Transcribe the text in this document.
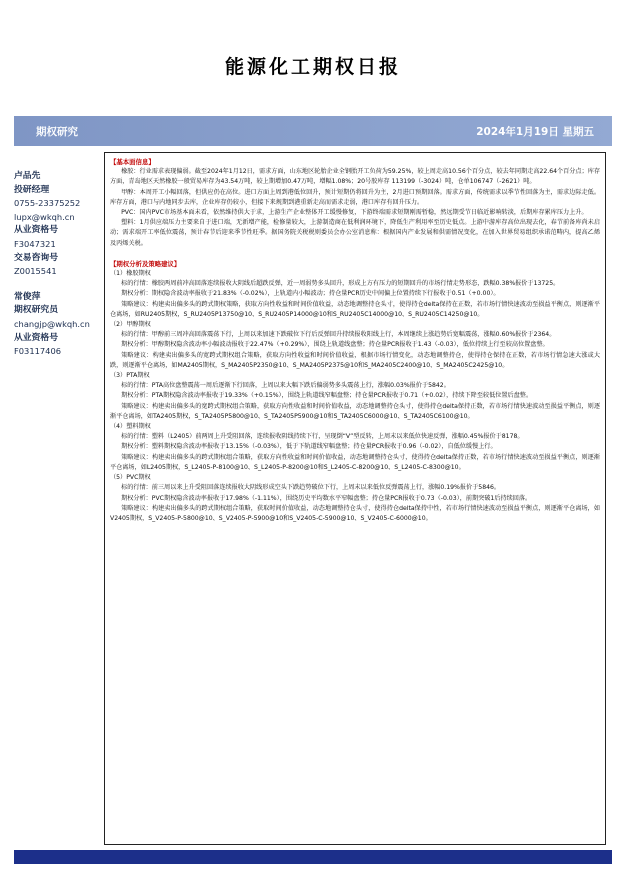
能源化工期权日报
期权研究	2024年1月19日 星期五
卢品先
投研经理
0755-23375252
lupx@wkqh.cn
从业资格号
F3047321
交易咨询号
Z0015541
常俊萍
期权研究员
changjp@wkqh.cn
从业资格号
F03117406
【基本面信息】

橡胶：行业需求表现偏弱。截至2024年1月12日，需求方面，山东地区轮胎企业全钢胎开工负荷为59.25%，较上周走高10.56个百分点，较去年同期走高22.64个百分点；库存方面，青岛地区天然橡胶一般贸易库存为43.54万吨，较上期增加0.47万吨，增幅1.08%；20号胶库存 113199（-3024）吨，仓单106747（-2621）吨。

甲醇：本周开工小幅回落，但供应仍在高位。进口方面上周到港低位回升，预计短期仍将回升为主，2月进口预期回落。需求方面，传统需求以季节性回落为主，需求边际走低。库存方面，港口与内地同步去库，企业库存仍较小，但接下来规期到港重新走高而需求走弱，港口库存有回升压力。

PVC：国内PVC市场基本面未看，依然维持供大于求，上游生产企业整体开工缓慢修复，下游终端需求短期刚需暂稳，然远期受节日临近影响转淡，后期库存累库压力上升。

塑料：1月供应端压力主要来自于进口端，无新增产能，检修量较大，上游制造商在低利润环境下，降低生产利用率至历史低点。上游中游库存高位出现去化，春节前备库尚未启动；需求端开工率低位震荡，预计春节后迎来季节性旺季。据国务院关税税则委员会办公室消息称：根据国内产业发展和供需情况变化，在加入世界贸易组织承诺范畴内，提高乙烯及丙烯关税。

【期权分析及策略建议】

（1）橡胶期权

标的行情：橡胶两周前冲高回落连续报收大阴线后超跌反弹，近一周弱势多头回升，形成上方有压力的短期回升的市场行情走势形态，跌幅0.38%报价于13725。

期权分析：期权隐含波动率报收于21.83%（-0.02%），上轨道内小幅波动；持仓量PCR历史中间偏上位置持续下行报收于0.51（+0.00）。

策略建议：构建卖出偏多头的跨式期权策略，获取方向性收益和时间价值收益，动态地调整持仓头寸，使得持仓delta保持在正数，若市场行情快速波动至损益平衡点，则逐渐平仓离场，如RU2405期权，S_RU2405P13750@10、S_RU2405P14000@10和S_RU2405C14000@10、S_RU2405C14250@10。

（2）甲醇期权

标的行情：甲醇前三周冲高回落震荡下行，上周以来加速下跌破位下行后反弹回升持续报收阳线上行，本周继续上涨趋势后宽幅震荡，涨幅0.60%报价于2364。

期权分析：甲醇期权隐含波动率小幅波动报收于22.47%（+0.29%），围绕上轨道线盘整；持仓量PCR报收于1.43（-0.03），低位持续上行至较高位置盘整。

策略建议：构建卖出偏多头的宽跨式期权组合策略，获取方向性收益和时间价值收益，根据市场行情变化，动态地调整持仓，使得持仓保持在正数，若市场行情急速大涨或大跌，则逐渐平仓离场，如MA2405期权，S_MA2405P2350@10、S_MA2405P2375@10和S_MA2405C2400@10、S_MA2405C2425@10。

（3）PTA期权

标的行情：PTA高位盘整震荡一周后逐渐下行回落，上周以来大幅下跌后偏弱势多头震荡上行，涨幅0.03%报价于5842。

期权分析：PTA期权隐含波动率报收于19.33%（+0.15%），围绕上轨道线窄幅盘整；持仓量PCR报收于0.71（+0.02），持续下降至较低位置后盘整。

策略建议：构建卖出偏多头的宽跨式期权组合策略，获取方向性收益和时间价值收益，动态地调整持仓头寸，使得持仓delta保持正数，若市场行情快速波动至损益平衡点，则逐渐平仓离场，如TA2405期权，S_TA2405P5800@10、S_TA2405P5900@10和S_TA2405C6000@10、S_TA2405C6100@10。

（4）塑料期权

标的行情：塑料（L2405）前两周上升受阻回落，连续报收阴线持续下行，呈现倒“V”型反转，上周末以来低位快速反弹，涨幅0.45%报价于8178。

期权分析：塑料期权隐含波动率报收于13.15%（-0.03%），低于下轨道线窄幅盘整；持仓量PCR报收于0.96（-0.02），自低位缓慢上行。

策略建议：构建卖出偏多头的跨式期权组合策略，获取方向性收益和时间价值收益，动态地调整持仓头寸，使得持仓delta保持正数，若市场行情快速波动至损益平衡点，则逐渐平仓离场，如L2405期权，S_L2405-P-8100@10、S_L2405-P-8200@10和S_L2405-C-8200@10、S_L2405-C-8300@10。

（5）PVC期权

标的行情：前三周以来上升受阻回落连续报收大阴线形成空头下跌趋势破位下行，上周末以来低位反弹震荡上行，涨幅0.19%报价于5846。

期权分析：PVC期权隐含波动率报收于17.98%（-1.11%），围绕历史平均数水平窄幅盘整；持仓量PCR报收于0.73（-0.03），前期突破1后持续回落。

策略建议：构建卖出偏多头的跨式期权组合策略，获取时间价值收益，动态地调整持仓头寸，使得持仓delta保持中性，若市场行情快速波动至损益平衡点，则逐渐平仓离场，如V2405期权，S_V2405-P-5800@10、S_V2405-P-5900@10和S_V2405-C-5900@10、S_V2405-C-6000@10。
